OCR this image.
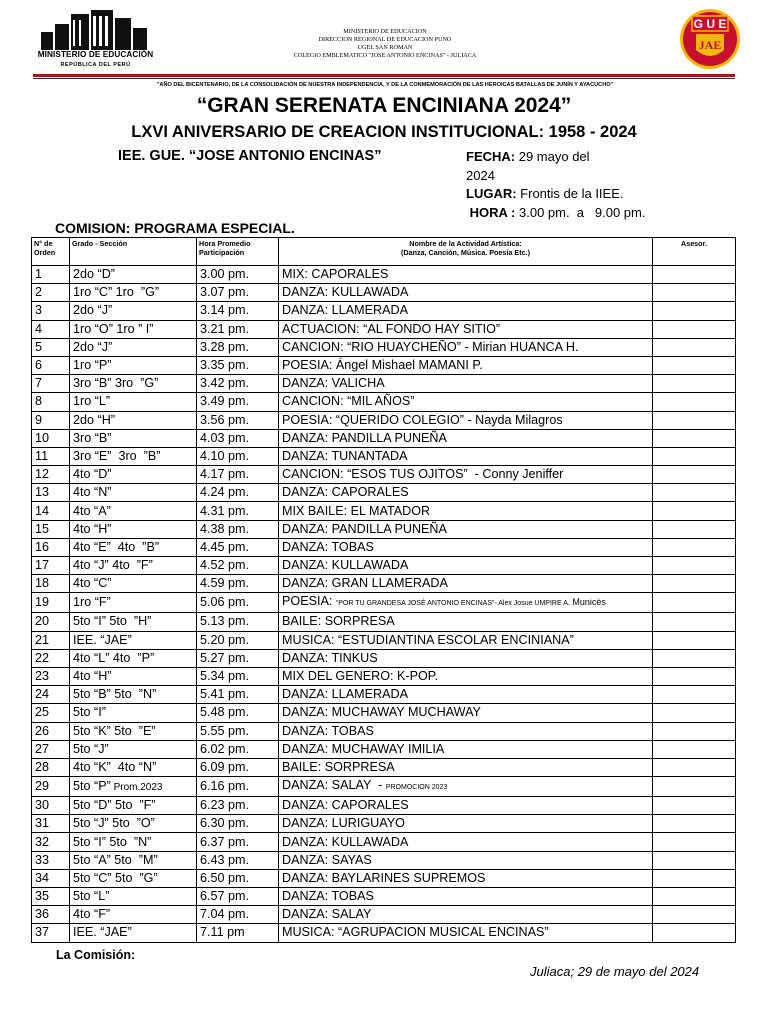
MINISTERIO DE EDUCACIÓN
REPÚBLICA DEL PERÚ
MINISTERIO DE EDUCACION
DIRECCION REGIONAL DE EDUCACION PUNO
UGEL SAN ROMAN
COLEGIO EMBLEMATICO "JOSE ANTONIO ENCINAS" - JULIACA
G U E
JAE
"AÑO DEL BICENTENARIO, DE LA CONSOLIDACIÓN DE NUESTRA INDEPENDENCIA, Y DE LA CONMEMORACIÓN DE LAS HEROICAS BATALLAS DE JUNÍN Y AYACUCHO"
“GRAN SERENATA ENCINIANA 2024”
LXVI ANIVERSARIO DE CREACION INSTITUCIONAL: 1958 - 2024
IEE. GUE. “JOSE ANTONIO ENCINAS”	FECHA: 29 mayo del
2024
LUGAR: Frontis de la IIEE.
HORA : 3.00 pm.  a   9.00 pm.
COMISION: PROGRAMA ESPECIAL.
N° de Orden	Grado - Sección	Hora Promedio Participación	Nombre de la Actividad Artística:
(Danza, Canción, Música. Poesía Etc.)	Asesor.
1	2do “D”	3.00 pm.	MIX: CAPORALES	
2	1ro “C” 1ro  ”G”	3.07 pm.	DANZA: KULLAWADA	
3	2do “J”	3.14 pm.	DANZA: LLAMERADA	
4	1ro “O” 1ro ” I”	3.21 pm.	ACTUACION: “AL FONDO HAY SITIO”	
5	2do “J”	3.28 pm.	CANCION: “RIO HUAYCHEÑO” - Mirian HUANCA H.	
6	1ro “P”	3.35 pm.	POESIA: Ángel Mishael MAMANI P.	
7	3ro “B” 3ro  ”G”	3.42 pm.	DANZA: VALICHA	
8	1ro “L”	3.49 pm.	CANCION: “MIL AÑOS”	
9	2do “H”	3.56 pm.	POESIA: “QUERIDO COLEGIO” - Nayda Milagros	
10	3ro “B”	4.03 pm.	DANZA: PANDILLA PUNEÑA	
11	3ro “E”  3ro  ”B”	4.10 pm.	DANZA: TUNANTADA	
12	4to “D”	4.17 pm.	CANCION: “ESOS TUS OJITOS”  - Conny Jeniffer	
13	4to “N”	4.24 pm.	DANZA: CAPORALES	
14	4to “A”	4.31 pm.	MIX BAILE: EL MATADOR	
15	4to “H”	4.38 pm.	DANZA: PANDILLA PUNEÑA	
16	4to “E”  4to  ”B”	4.45 pm.	DANZA: TOBAS	
17	4to “J” 4to  ”F”	4.52 pm.	DANZA: KULLAWADA	
18	4to “C”	4.59 pm.	DANZA: GRAN LLAMERADA	
19	1ro “F”	5.06 pm.	POESIA: “POR TU GRANDESA JOSÉ ANTONIO ENCINAS”- Alex Josue UMPIRE A. Municès	
20	5to “I” 5to  ”H”	5.13 pm.	BAILE: SORPRESA	
21	IEE. “JAE”	5.20 pm.	MUSICA: “ESTUDIANTINA ESCOLAR ENCINIANA”	
22	4to “L” 4to  ”P”	5.27 pm.	DANZA: TINKUS	
23	4to “H”	5.34 pm.	MIX DEL GENERO: K-POP.	
24	5to “B” 5to  ”N”	5.41 pm.	DANZA: LLAMERADA	
25	5to “I”	5.48 pm.	DANZA: MUCHAWAY MUCHAWAY	
26	5to “K” 5to  ”E”	5.55 pm.	DANZA: TOBAS	
27	5to “J”	6.02 pm.	DANZA: MUCHAWAY IMILIA	
28	4to “K”  4to “N”	6.09 pm.	BAILE: SORPRESA	
29	5to “P” Prom.2023	6.16 pm.	DANZA: SALAY  - PROMOCION 2023	
30	5to “D” 5to  ”F”	6.23 pm.	DANZA: CAPORALES	
31	5to “J” 5to  ”O”	6.30 pm.	DANZA: LURIGUAYO	
32	5to “I” 5to  ”N”	6.37 pm.	DANZA: KULLAWADA	
33	5to “A” 5to  ”M”	6.43 pm.	DANZA: SAYAS	
34	5to “C” 5to  ”G”	6.50 pm.	DANZA: BAYLARINES SUPREMOS	
35	5to “L”	6.57 pm.	DANZA: TOBAS	
36	4to “F”	7.04 pm.	DANZA: SALAY	
37	IEE. “JAE”	7.11 pm	MUSICA: “AGRUPACION MUSICAL ENCINAS”	
La Comisión:
Juliaca; 29 de mayo del 2024
